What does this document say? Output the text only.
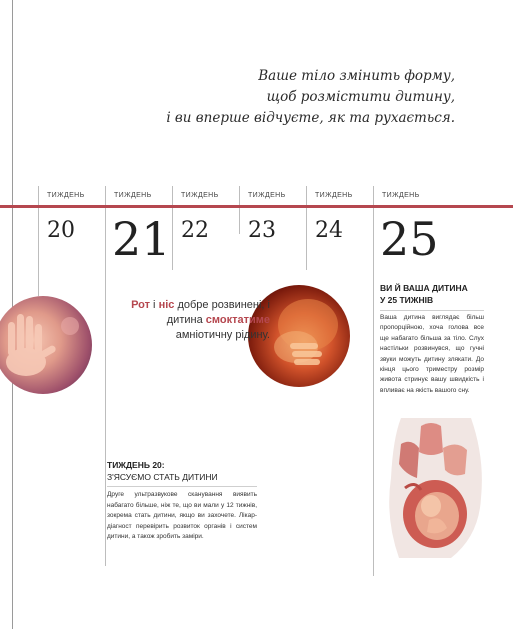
Ваше тіло змінить форму,
щоб розмістити дитину,
і ви вперше відчуєте, як та рухається.
ТИЖДЕНЬ	ТИЖДЕНЬ	ТИЖДЕНЬ	ТИЖДЕНЬ	ТИЖДЕНЬ	ТИЖДЕНЬ
20 21 22 23 24 25
Рот і ніс добре розвинені, і дитина смоктатиме амніотичну рідину.
ВИ Й ВАША ДИТИНА
У 25 ТИЖНІВ
Ваша дитина виглядає більш пропорційною, хоча голова все ще набагато більша за тіло. Слух настільки розвинувся, що гучні звуки можуть дитину злякати. До кінця цього триместру розмір живота стринує вашу швидкість і впливає на якість вашого сну.
ТИЖДЕНЬ 20:
З'ЯСУЄМО СТАТЬ ДИТИНИ
Друге ультразвукове сканування виявить набагато більше, ніж те, що ви мали у 12 тижнів, зокрема стать дитини, якщо ви захочете. Лікар-діагност перевірить розвиток органів і систем дитини, а також зробить заміри.
